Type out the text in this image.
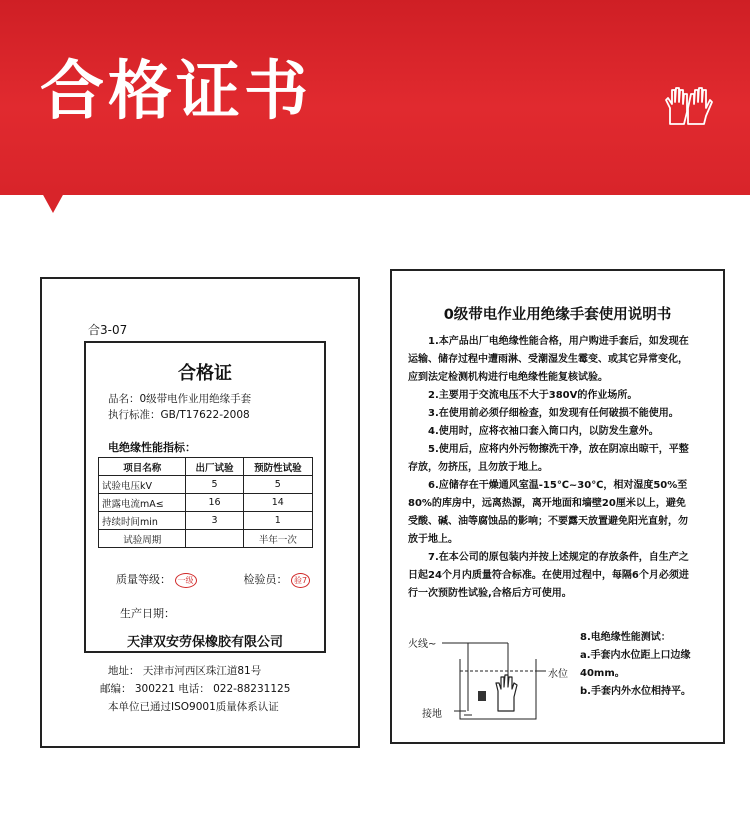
合格证书
合3-07
合格证
品名：0级带电作业用绝缘手套
执行标准：GB/T17622-2008
电绝缘性能指标：
项目名称	出厂试验	预防性试验
试验电压kV	5	5
泄露电流mA≤	16	14
持续时间min	3	1
试验周期		半年一次
质量等级： 一级	检验员： 验7
生产日期：
天津双安劳保橡胶有限公司
地址： 天津市河西区珠江道81号
邮编： 300221 电话： 022-88231125
本单位已通过ISO9001质量体系认证
0级带电作业用绝缘手套使用说明书

1.本产品出厂电绝缘性能合格，用户购进手套后，如发现在运输、储存过程中遭雨淋、受潮湿发生霉变、或其它异常变化，应到法定检测机构进行电绝缘性能复核试验。

2.主要用于交流电压不大于380V的作业场所。

3.在使用前必须仔细检查，如发现有任何破损不能使用。

4.使用时，应将衣袖口套入筒口内，以防发生意外。

5.使用后，应将内外污物擦洗干净，放在阴凉出晾干，平整存放，勿挤压，且勿放于地上。

6.应储存在干燥通风室温-15℃~30℃，相对湿度50%至80%的库房中，远离热源，离开地面和墙壁20厘米以上，避免受酸、碱、油等腐蚀品的影响；不要露天放置避免阳光直射，勿放于地上。

7.在本公司的原包装内并按上述规定的存放条件，自生产之日起24个月内质量符合标准。在使用过程中，每隔6个月必须进行一次预防性试验,合格后方可使用。

火线~
水位
接地

8.电绝缘性能测试：

a.手套内水位距上口边缘40mm。

b.手套内外水位相持平。
